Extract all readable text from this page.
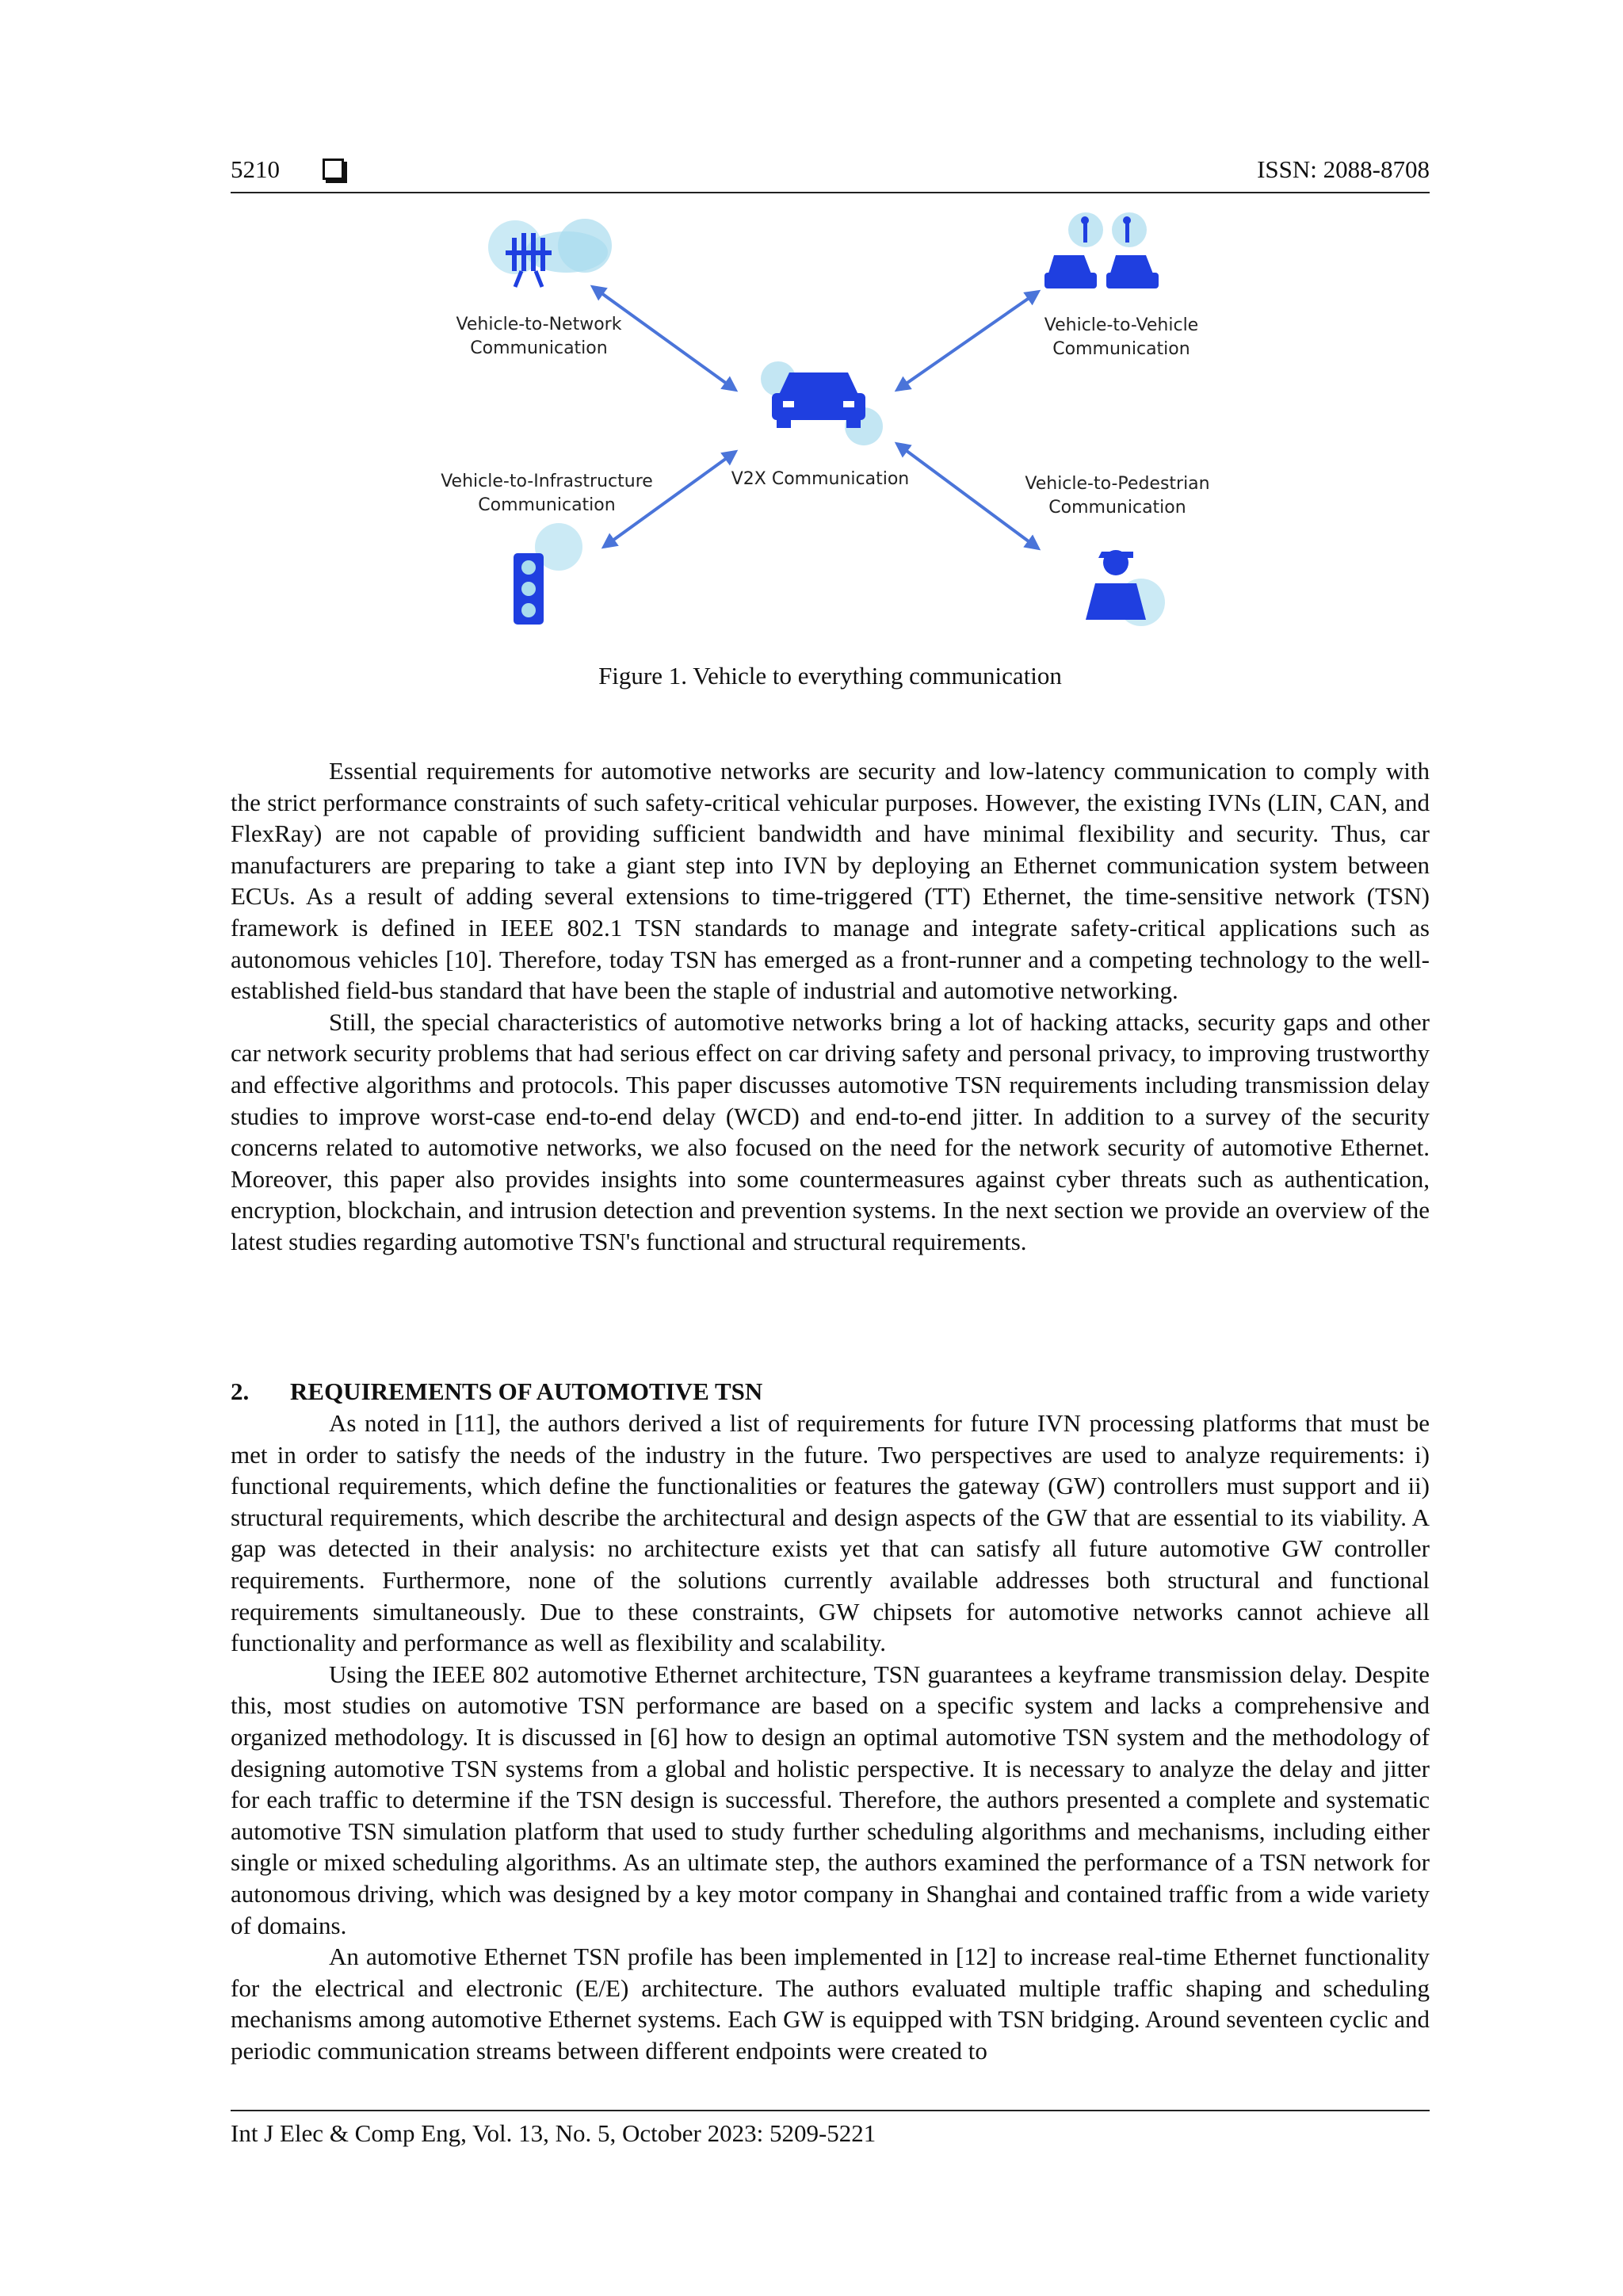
5210	ISSN: 2088-8708
Vehicle-to-Network
Communication
Vehicle-to-Vehicle
Communication
Vehicle-to-Infrastructure
Communication
V2X Communication	Vehicle-to-Pedestrian
Communication
Figure 1. Vehicle to everything communication

Essential requirements for automotive networks are security and low-latency communication to comply with the strict performance constraints of such safety-critical vehicular purposes. However, the existing IVNs (LIN, CAN, and FlexRay) are not capable of providing sufficient bandwidth and have minimal flexibility and security. Thus, car manufacturers are preparing to take a giant step into IVN by deploying an Ethernet communication system between ECUs. As a result of adding several extensions to time-triggered (TT) Ethernet, the time-sensitive network (TSN) framework is defined in IEEE 802.1 TSN standards to manage and integrate safety-critical applications such as autonomous vehicles [10]. Therefore, today TSN has emerged as a front-runner and a competing technology to the well-established field-bus standard that have been the staple of industrial and automotive networking.

Still, the special characteristics of automotive networks bring a lot of hacking attacks, security gaps and other car network security problems that had serious effect on car driving safety and personal privacy, to improving trustworthy and effective algorithms and protocols. This paper discusses automotive TSN requirements including transmission delay studies to improve worst-case end-to-end delay (WCD) and end-to-end jitter. In addition to a survey of the security concerns related to automotive networks, we also focused on the need for the network security of automotive Ethernet. Moreover, this paper also provides insights into some countermeasures against cyber threats such as authentication, encryption, blockchain, and intrusion detection and prevention systems. In the next section we provide an overview of the latest studies regarding automotive TSN's functional and structural requirements.

2. REQUIREMENTS OF AUTOMOTIVE TSN

As noted in [11], the authors derived a list of requirements for future IVN processing platforms that must be met in order to satisfy the needs of the industry in the future. Two perspectives are used to analyze requirements: i) functional requirements, which define the functionalities or features the gateway (GW) controllers must support and ii) structural requirements, which describe the architectural and design aspects of the GW that are essential to its viability. A gap was detected in their analysis: no architecture exists yet that can satisfy all future automotive GW controller requirements. Furthermore, none of the solutions currently available addresses both structural and functional requirements simultaneously. Due to these constraints, GW chipsets for automotive networks cannot achieve all functionality and performance as well as flexibility and scalability.

Using the IEEE 802 automotive Ethernet architecture, TSN guarantees a keyframe transmission delay. Despite this, most studies on automotive TSN performance are based on a specific system and lacks a comprehensive and organized methodology. It is discussed in [6] how to design an optimal automotive TSN system and the methodology of designing automotive TSN systems from a global and holistic perspective. It is necessary to analyze the delay and jitter for each traffic to determine if the TSN design is successful. Therefore, the authors presented a complete and systematic automotive TSN simulation platform that used to study further scheduling algorithms and mechanisms, including either single or mixed scheduling algorithms. As an ultimate step, the authors examined the performance of a TSN network for autonomous driving, which was designed by a key motor company in Shanghai and contained traffic from a wide variety of domains.

An automotive Ethernet TSN profile has been implemented in [12] to increase real-time Ethernet functionality for the electrical and electronic (E/E) architecture. The authors evaluated multiple traffic shaping and scheduling mechanisms among automotive Ethernet systems. Each GW is equipped with TSN bridging. Around seventeen cyclic and periodic communication streams between different endpoints were created to

Int J Elec & Comp Eng, Vol. 13, No. 5, October 2023: 5209-5221
